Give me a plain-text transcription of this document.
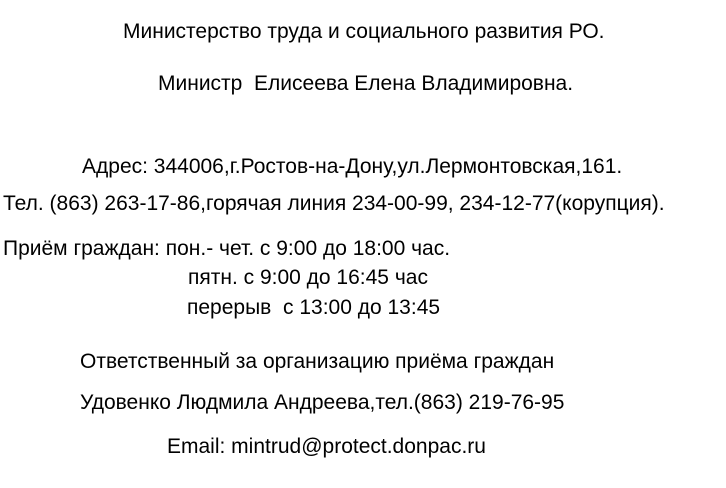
Министерство труда и социального развития РО.
Министр  Елисеева Елена Владимировна.
Адрес: 344006,г.Ростов-на-Дону,ул.Лермонтовская,161.
Тел. (863) 263-17-86,горячая линия 234-00-99, 234-12-77(корупция).
Приём граждан: пон.- чет. с 9:00 до 18:00 час.
пятн. с 9:00 до 16:45 час
перерыв  с 13:00 до 13:45
Ответственный за организацию приёма граждан
Удовенко Людмила Андреева,тел.(863) 219-76-95
Email: mintrud@protect.donpac.ru
